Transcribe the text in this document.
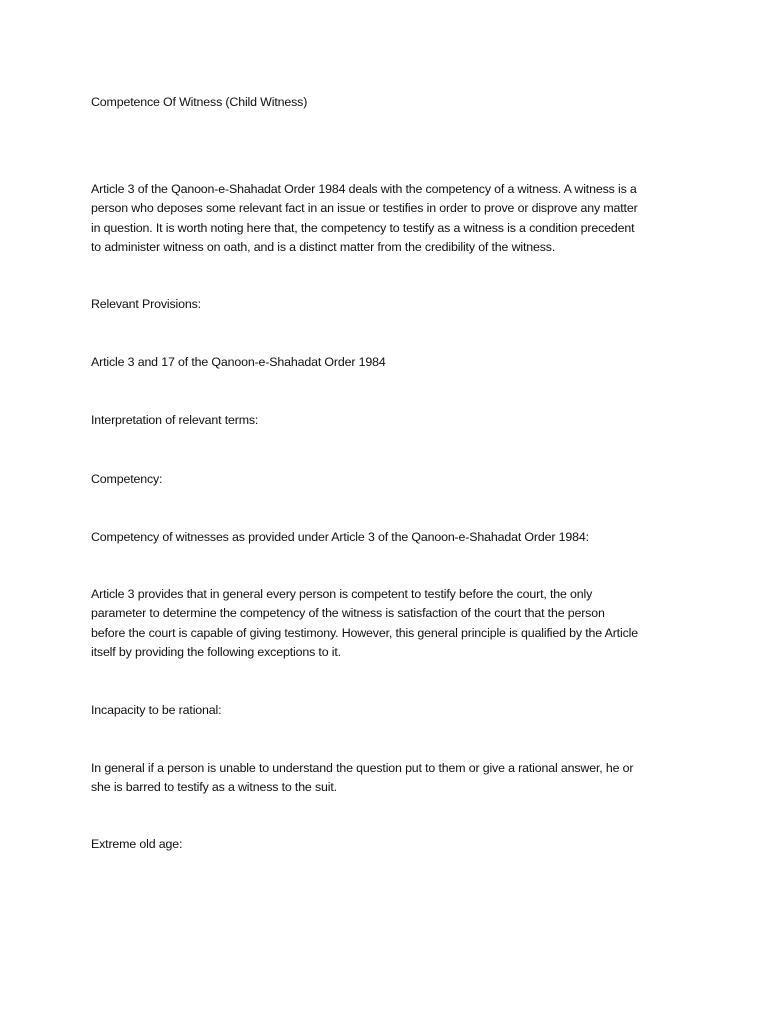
Competence Of Witness (Child Witness)

Article 3 of the Qanoon-e-Shahadat Order 1984 deals with the competency of a witness. A witness is a
person who deposes some relevant fact in an issue or testifies in order to prove or disprove any matter
in question. It is worth noting here that, the competency to testify as a witness is a condition precedent
to administer witness on oath, and is a distinct matter from the credibility of the witness.

Relevant Provisions:

Article 3 and 17 of the Qanoon-e-Shahadat Order 1984

Interpretation of relevant terms:

Competency:

Competency of witnesses as provided under Article 3 of the Qanoon-e-Shahadat Order 1984:

Article 3 provides that in general every person is competent to testify before the court, the only
parameter to determine the competency of the witness is satisfaction of the court that the person
before the court is capable of giving testimony. However, this general principle is qualified by the Article
itself by providing the following exceptions to it.

Incapacity to be rational:

In general if a person is unable to understand the question put to them or give a rational answer, he or
she is barred to testify as a witness to the suit.

Extreme old age:
